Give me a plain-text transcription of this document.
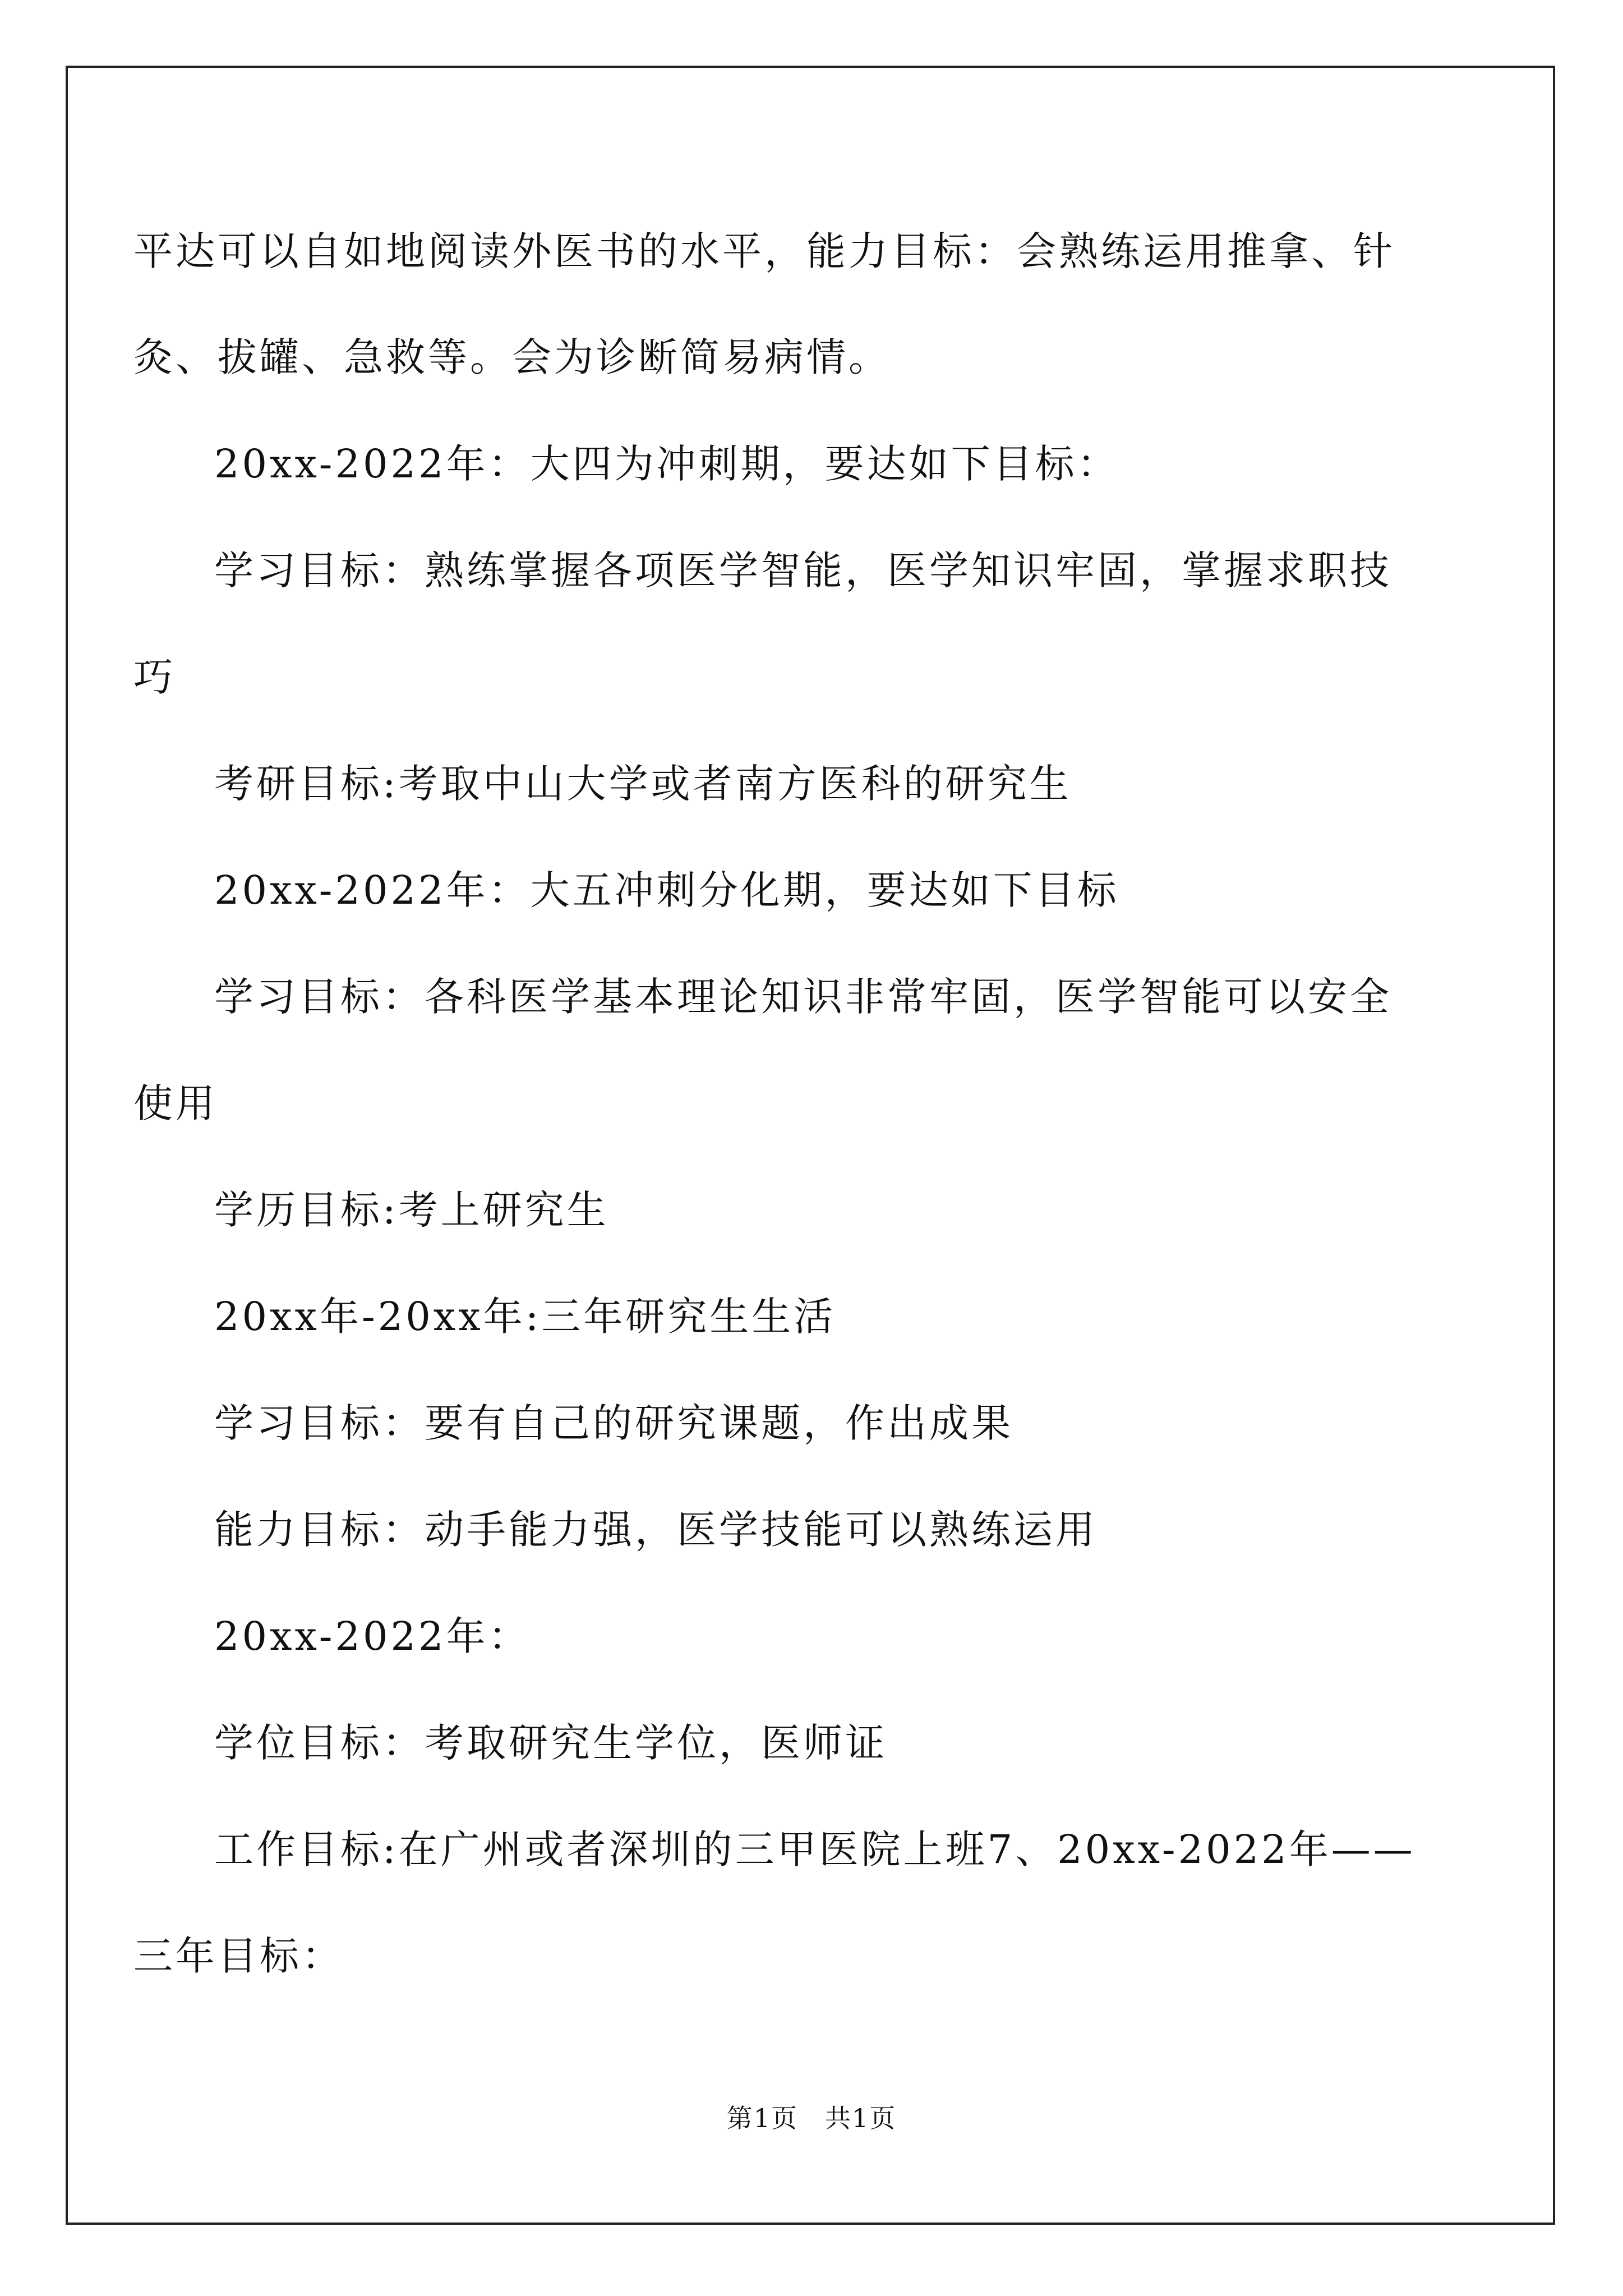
平达可以自如地阅读外医书的水平，能力目标：会熟练运用推拿、针
灸、拔罐、急救等。会为诊断简易病情。
20xx-2022年：大四为冲刺期，要达如下目标：
学习目标：熟练掌握各项医学智能，医学知识牢固，掌握求职技
巧
考研目标:考取中山大学或者南方医科的研究生
20xx-2022年：大五冲刺分化期，要达如下目标
学习目标：各科医学基本理论知识非常牢固，医学智能可以安全
使用
学历目标:考上研究生
20xx年-20xx年:三年研究生生活
学习目标：要有自己的研究课题，作出成果
能力目标：动手能力强，医学技能可以熟练运用
20xx-2022年：
学位目标：考取研究生学位，医师证
工作目标:在广州或者深圳的三甲医院上班7、20xx-2022年——
三年目标：
第1页　共1页
